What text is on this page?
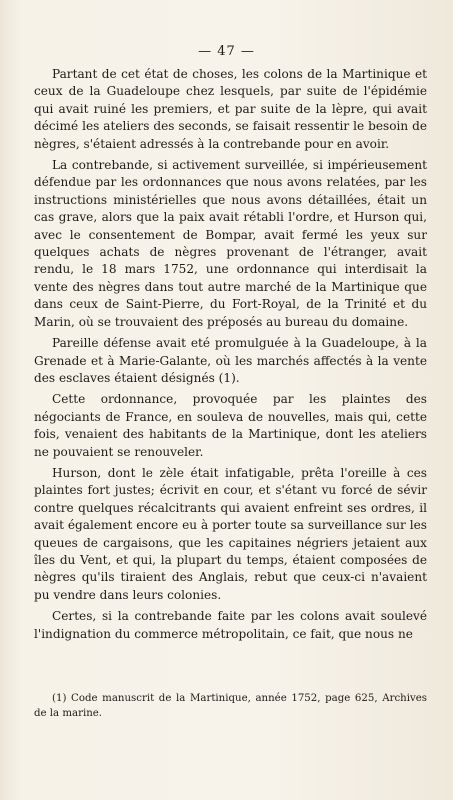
— 47 —

Partant de cet état de choses, les colons de la Martinique et ceux de la Guadeloupe chez lesquels, par suite de l'épidémie qui avait ruiné les premiers, et par suite de la lèpre, qui avait décimé les ateliers des seconds, se faisait ressentir le besoin de nègres, s'étaient adressés à la contrebande pour en avoir.

La contrebande, si activement surveillée, si impérieusement défendue par les ordonnances que nous avons relatées, par les instructions ministérielles que nous avons détaillées, était un cas grave, alors que la paix avait rétabli l'ordre, et Hurson qui, avec le consentement de Bompar, avait fermé les yeux sur quelques achats de nègres provenant de l'étranger, avait rendu, le 18 mars 1752, une ordonnance qui interdisait la vente des nègres dans tout autre marché de la Martinique que dans ceux de Saint-Pierre, du Fort-Royal, de la Trinité et du Marin, où se trouvaient des préposés au bureau du domaine.

Pareille défense avait eté promulguée à la Guadeloupe, à la Grenade et à Marie-Galante, où les marchés affectés à la vente des esclaves étaient désignés (1).

Cette ordonnance, provoquée par les plaintes des négociants de France, en souleva de nouvelles, mais qui, cette fois, venaient des habitants de la Martinique, dont les ateliers ne pouvaient se renouveler.

Hurson, dont le zèle était infatigable, prêta l'oreille à ces plaintes fort justes; écrivit en cour, et s'étant vu forcé de sévir contre quelques récalcitrants qui avaient enfreint ses ordres, il avait également encore eu à porter toute sa surveillance sur les queues de cargaisons, que les capitaines négriers jetaient aux îles du Vent, et qui, la plupart du temps, étaient composées de nègres qu'ils tiraient des Anglais, rebut que ceux-ci n'avaient pu vendre dans leurs colonies.

Certes, si la contrebande faite par les colons avait soulevé l'indignation du commerce métropolitain, ce fait, que nous ne

(1) Code manuscrit de la Martinique, année 1752, page 625, Archives de la marine.
